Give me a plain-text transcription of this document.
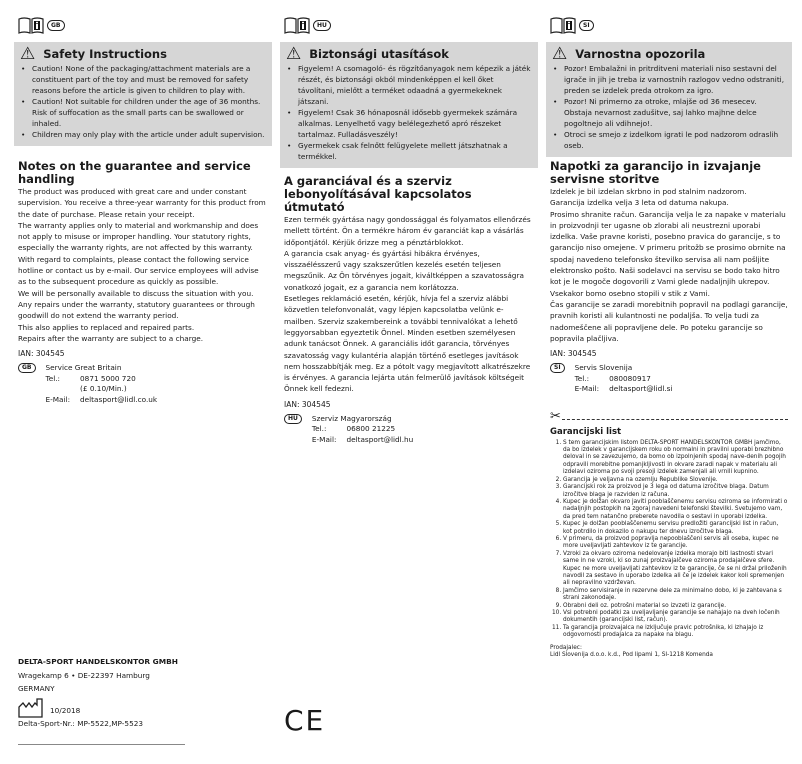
GB
⚠ Safety Instructions
• Caution! None of the packaging/attachment materials are a constituent part of the toy and must be removed for safety reasons before the article is given to children to play with.
• Caution! Not suitable for children under the age of 36 months. Risk of suffocation as the small parts can be swallowed or inhaled.
• Children may only play with the article under adult supervision.
Notes on the guarantee and service handling

The product was produced with great care and under constant supervision. You receive a three-year warranty for this product from the date of purchase. Please retain your receipt.

The warranty applies only to material and workmanship and does not apply to misuse or improper handling. Your statutory rights, especially the warranty rights, are not affected by this warranty.

With regard to complaints, please contact the following service hotline or contact us by e-mail. Our service employees will advise as to the subsequent procedure as quickly as possible.

We will be personally available to discuss the situation with you.

Any repairs under the warranty, statutory guarantees or through goodwill do not extend the warranty period.

This also applies to replaced and repaired parts.

Repairs after the warranty are subject to a charge.

IAN: 304545
GB	Service Great Britain
Tel.:	0871 5000 720
(£ 0.10/Min.)
E-Mail: deltasport@lidl.co.uk
HU
⚠ Biztonsági utasítások
• Figyelem! A csomagoló- és rögzítőanyagok nem képezik a játék részét, és biztonsági okból mindenképpen el kell őket távolítani, mielőtt a terméket odaadná a gyermekeknek játszani.
• Figyelem! Csak 36 hónaposnál idősebb gyermekek számára alkalmas. Lenyelhető vagy belélegezhető apró részeket tartalmaz. Fulladásveszély!
• Gyermekek csak felnőtt felügyelete mellett játszhatnak a termékkel.
A garanciával és a szerviz lebonyolításával kapcsolatos útmutató

Ezen termék gyártása nagy gondossággal és folyamatos ellenőrzés mellett történt. Ön a termékre három év garanciát kap a vásárlás időpontjától. Kérjük őrizze meg a pénztárblokkot.

A garancia csak anyag- és gyártási hibákra érvényes, visszaélésszerű vagy szakszerűtlen kezelés esetén teljesen megszűnik. Az Ön törvényes jogait, kiváltképpen a szavatosságra vonatkozó jogait, ez a garancia nem korlátozza.

Esetleges reklamáció esetén, kérjük, hívja fel a szerviz alábbi közvetlen telefonvonalát, vagy lépjen kapcsolatba velünk e-mailben. Szerviz szakembereink a további tennivalókat a lehető leggyorsabban egyeztetik Önnel. Minden esetben személyesen adunk tanácsot Önnek. A garanciális időt garancia, törvényes szavatosság vagy kulantéria alapján történő esetleges javítások nem hosszabbítják meg. Ez a pótolt vagy megjavított alkatrészekre is érvényes. A garancia lejárta után felmerülő javítások költségeit Önnek kell fedezni.

IAN: 304545
HU	Szerviz Magyarország
Tel.:	06800 21225
E-Mail: deltasport@lidl.hu
SI
⚠ Varnostna opozorila
• Pozor! Embalažni in pritrditveni materiali niso sestavni del igrače in jih je treba iz varnostnih razlogov vedno odstraniti, preden se izdelek preda otrokom za igro.
• Pozor! Ni primerno za otroke, mlajše od 36 mesecev. Obstaja nevarnost zadušitve, saj lahko majhne delce pogoltnejo ali vdihnejo!.
• Otroci se smejo z izdelkom igrati le pod nadzorom odraslih oseb.
Napotki za garancijo in izvajanje servisne storitve

Izdelek je bil izdelan skrbno in pod stalnim nadzorom.

Garancija izdelka velja 3 leta od datuma nakupa.

Prosimo shranite račun. Garancija velja le za napake v materialu in proizvodnji ter ugasne ob zlorabi ali neustrezni uporabi izdelka. Vaše pravne koristi, posebno pravica do garancije, s to garancijo niso omejene. V primeru pritožb se prosimo obrnite na spodaj navedeno telefonsko številko servisa ali nam pošljite elektronsko pošto. Naši sodelavci na servisu se bodo tako hitro kot je le mogoče dogovorili z Vami glede nadaljnjih ukrepov.

Vsekakor bomo osebno stopili v stik z Vami.

Čas garancije se zaradi morebitnih popravil na podlagi garancije, pravnih koristi ali kulantnosti ne podaljša. To velja tudi za nadomeščene ali popravljene dele. Po poteku garancije so popravila plačljiva.

IAN: 304545
SI	Servis Slovenija
Tel.:	080080917
E-Mail: deltasport@lidl.si
✂
Garancijski list
1. S tem garancijskim listom DELTA-SPORT HANDELSKONTOR GMBH jamčimo, da bo izdelek v garancijskem roku ob normalni in pravilni uporabi brezhibno deloval in se zavezujemo, da bomo ob izpolnjenih spodaj nave-denih pogojih odpravili morebitne pomanjkljivosti in okvare zaradi napak v materialu ali izdelavi oziroma po svoji presoji izdelek zamenjali ali vrnili kupnino.
2. Garancija je veljavna na ozemlju Republike Slovenije.
3. Garancijski rok za proizvod je 3 lega od datuma izročitve blaga. Datum izročitve blaga je razviden iz računa.
4. Kupec je dolžan okvaro javiti pooblaščenemu servisu oziroma se informirati o nadaljnjih postopkih na zgoraj navedeni telefonski številki. Svetujemo vam, da pred tem natančno preberete navodila o sestavi in uporabi izdelka.
5. Kupec je dolžan pooblaščenemu servisu predložiti garancijski list in račun, kot potrdilo in dokazilo o nakupu ter dnevu izročitve blaga.
6. V primeru, da proizvod popravlja nepooblaščeni servis ali oseba, kupec ne more uveljavljati zahtevkov iz te garancije.
7. Vzroki za okvaro oziroma nedelovanje izdelka morajo biti lastnosti stvari same in ne vzroki, ki so zunaj proizvajalčeve oziroma prodajalčeve sfere. Kupec ne more uveljavljati zahtevkov iz te garancije, če se ni držal priloženih navodil za sestavo in uporabo izdelka ali če je izdelek kakor koli spremenjen ali nepravilno vzdrževan.
8. Jamčimo servisiranje in rezervne dele za minimalno dobo, ki je zahtevana s strani zakonodaje.
9. Obrabni deli oz. potrošni material so izvzeti iz garancije.
10. Vsi potrebni podatki za uveljavljanje garancije se nahajajo na dveh ločenih dokumentih (garancijski list, račun).
11. Ta garancija proizvajalca ne izključuje pravic potrošnika, ki izhajajo iz odgovornosti prodajalca za napake na blagu.
Prodajalec:
Lidl Slovenija d.o.o. k.d., Pod lipami 1, SI-1218 Komenda
DELTA-SPORT HANDELSKONTOR GMBH
Wragekamp 6 • DE-22397 Hamburg
GERMANY
10/2018
Delta-Sport-Nr.: MP-5522,MP-5523	CE
